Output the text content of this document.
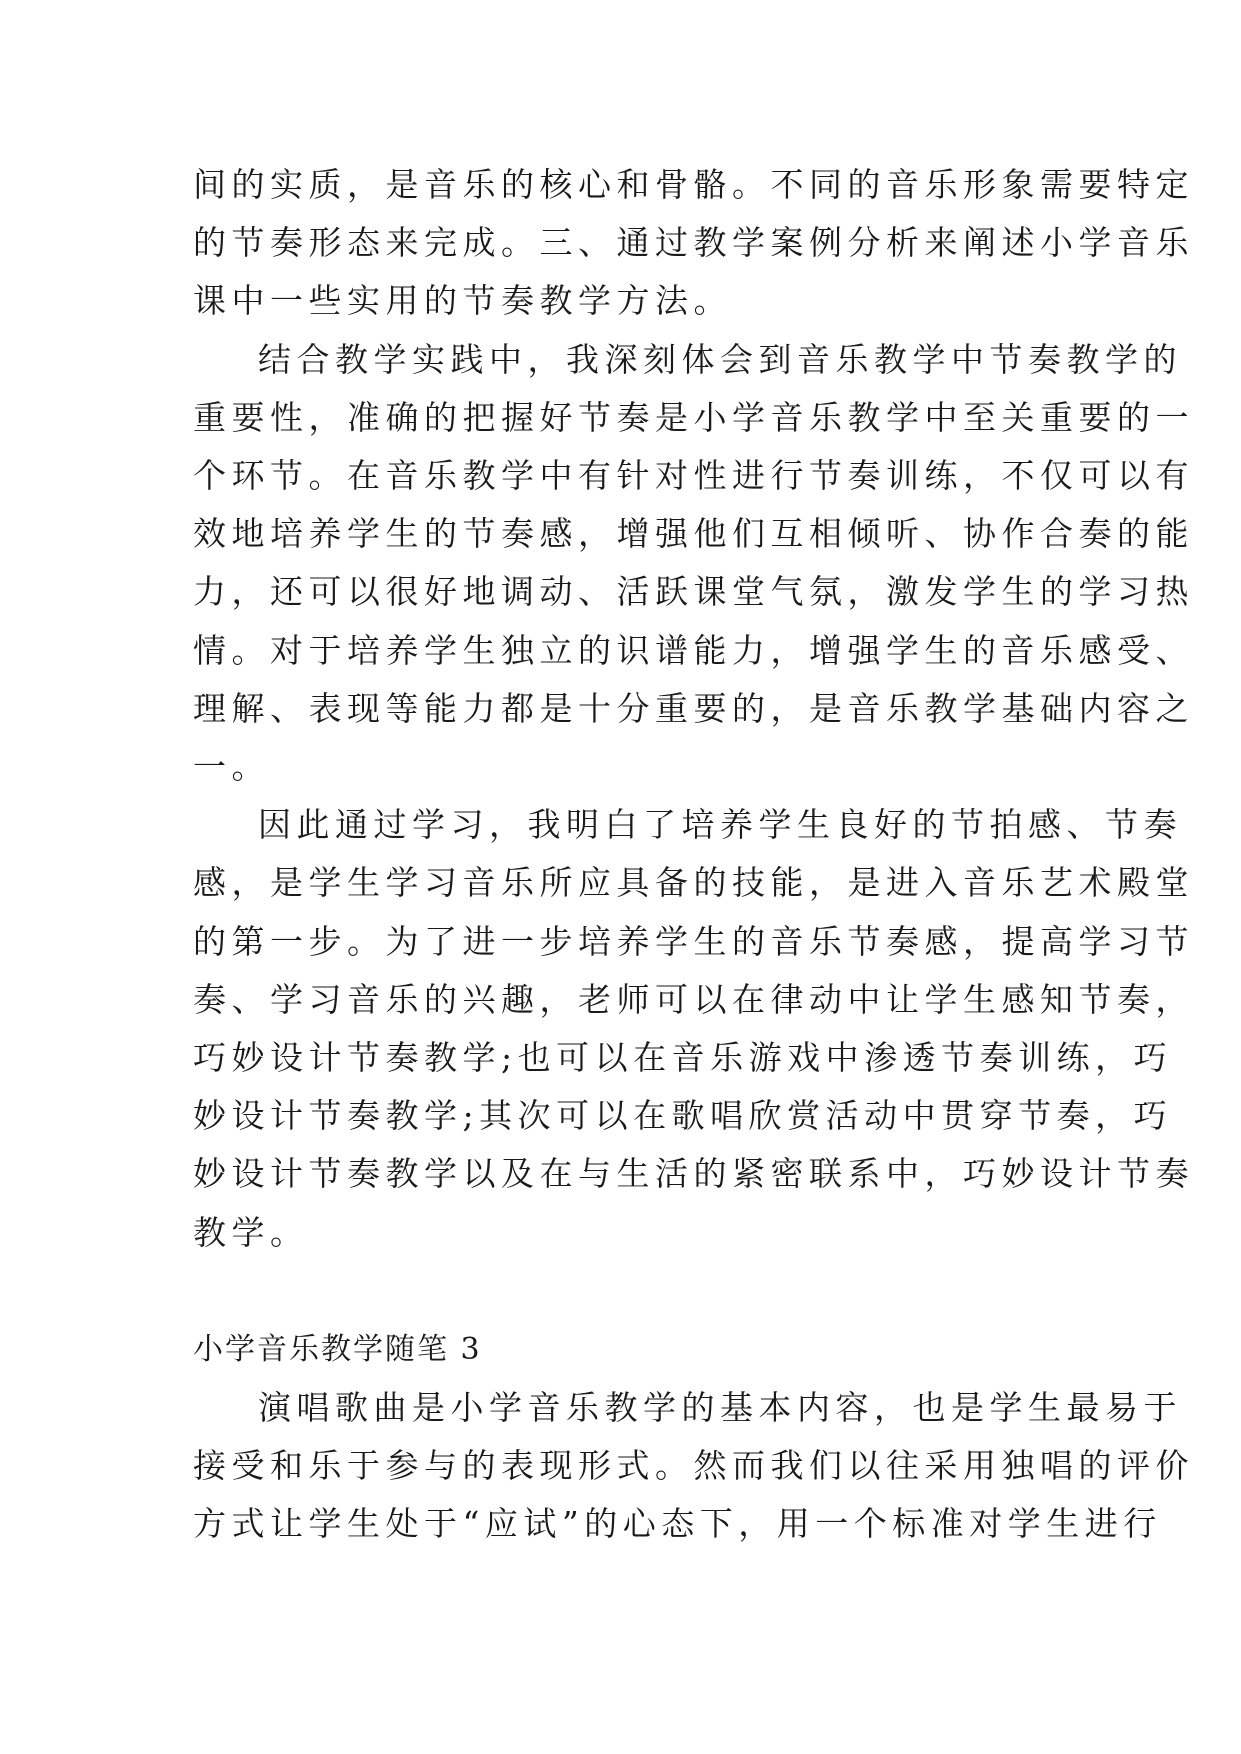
间的实质，是音乐的核心和骨骼。不同的音乐形象需要特定
的节奏形态来完成。三、通过教学案例分析来阐述小学音乐
课中一些实用的节奏教学方法。
结合教学实践中，我深刻体会到音乐教学中节奏教学的
重要性，准确的把握好节奏是小学音乐教学中至关重要的一
个环节。在音乐教学中有针对性进行节奏训练，不仅可以有
效地培养学生的节奏感，增强他们互相倾听、协作合奏的能
力，还可以很好地调动、活跃课堂气氛，激发学生的学习热
情。对于培养学生独立的识谱能力，增强学生的音乐感受、
理解、表现等能力都是十分重要的，是音乐教学基础内容之
一。
因此通过学习，我明白了培养学生良好的节拍感、节奏
感，是学生学习音乐所应具备的技能，是进入音乐艺术殿堂
的第一步。为了进一步培养学生的音乐节奏感，提高学习节
奏、学习音乐的兴趣，老师可以在律动中让学生感知节奏，
巧妙设计节奏教学;也可以在音乐游戏中渗透节奏训练，巧
妙设计节奏教学;其次可以在歌唱欣赏活动中贯穿节奏，巧
妙设计节奏教学以及在与生活的紧密联系中，巧妙设计节奏
教学。
小学音乐教学随笔 3
演唱歌曲是小学音乐教学的基本内容，也是学生最易于
接受和乐于参与的表现形式。然而我们以往采用独唱的评价
方式让学生处于“应试”的心态下，用一个标准对学生进行
